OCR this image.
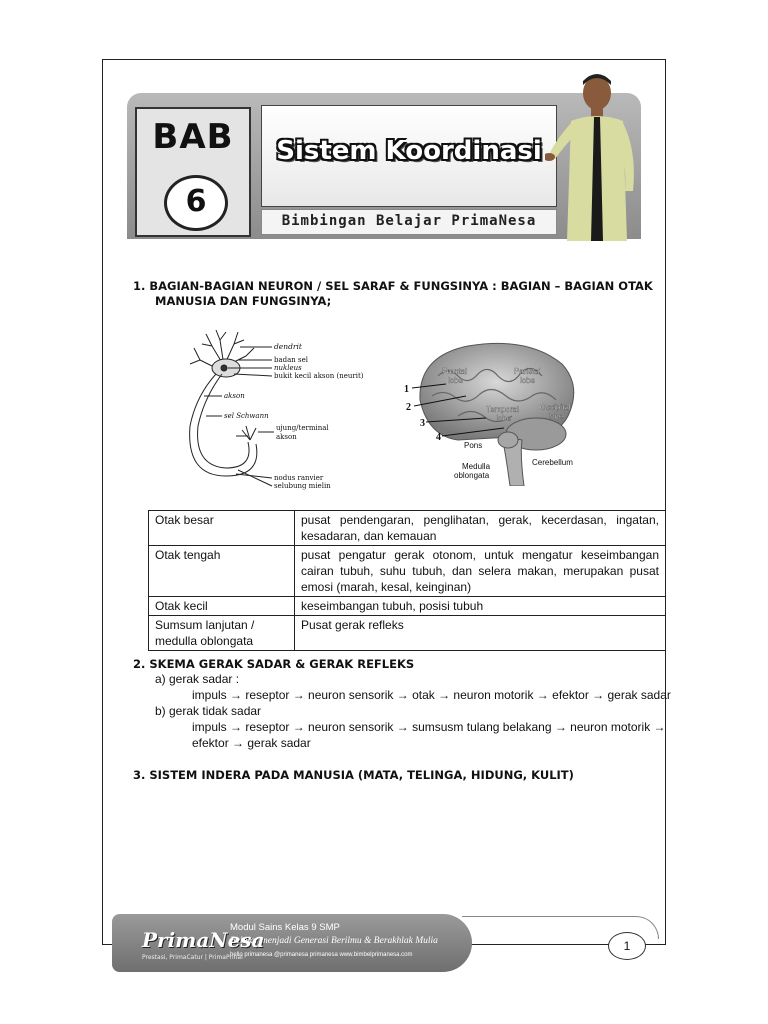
BAB
6
Sistem Koordinasi
Bimbingan Belajar PrimaNesa
1. BAGIAN-BAGIAN NEURON / SEL SARAF & FUNGSINYA : BAGIAN – BAGIAN OTAK
MANUSIA DAN FUNGSINYA;
dendrit
badan sel
nukleus
bukit kecil akson (neurit)
akson
sel Schwann
ujung/terminal
akson
nodus ranvier
selubung mielin
1
2
3
4
Frontal
lobe
Parietal
lobe
Temporal
lobe
Occipital
lobe
Pons
Cerebellum
Medulla
oblongata
Otak besar	pusat pendengaran, penglihatan, gerak, kecerdasan, ingatan, kesadaran, dan kemauan
Otak tengah	pusat pengatur gerak otonom, untuk mengatur keseimbangan cairan tubuh, suhu tubuh, dan selera makan, merupakan pusat emosi (marah, kesal, keinginan)
Otak kecil	keseimbangan tubuh, posisi tubuh
Sumsum lanjutan / medulla oblongata	Pusat gerak refleks
2. SKEMA GERAK SADAR & GERAK REFLEKS
a) gerak sadar :
impuls → reseptor → neuron sensorik → otak → neuron motorik → efektor → gerak sadar
b) gerak tidak sadar
impuls → reseptor → neuron sensorik → sumsusm tulang belakang → neuron motorik →
efektor → gerak sadar
3. SISTEM INDERA PADA MANUSIA (MATA, TELINGA, HIDUNG, KULIT)
PrimaNesa
Prestasi, PrimaCatur | PrimaPrinal
Modul Sains Kelas 9 SMP
Belajar menjadi Generasi Berilmu & Berakhlak Mulia
hello primanesa @primanesa primanesa www.bimbelprimanesa.com
1
